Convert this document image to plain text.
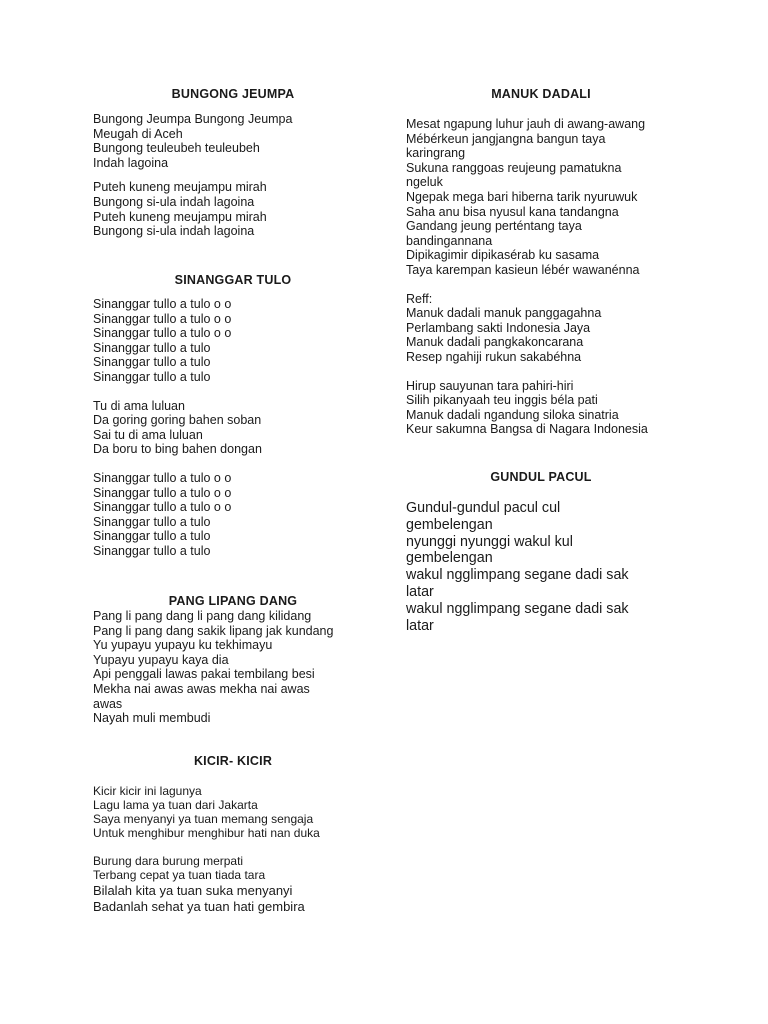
BUNGONG JEUMPA
Bungong Jeumpa Bungong Jeumpa
Meugah di Aceh
Bungong teuleubeh teuleubeh
Indah lagoina
Puteh kuneng meujampu mirah
Bungong si-ula indah lagoina
Puteh kuneng meujampu mirah
Bungong si-ula indah lagoina
SINANGGAR TULO
Sinanggar tullo a tulo o o
Sinanggar tullo a tulo o o
Sinanggar tullo a tulo o o
Sinanggar tullo a tulo
Sinanggar tullo a tulo
Sinanggar tullo a tulo
Tu di ama luluan
Da goring goring bahen soban
Sai tu di ama luluan
Da boru to bing bahen dongan
Sinanggar tullo a tulo o o
Sinanggar tullo a tulo o o
Sinanggar tullo a tulo o o
Sinanggar tullo a tulo
Sinanggar tullo a tulo
Sinanggar tullo a tulo
PANG LIPANG DANG
Pang li pang dang li pang dang kilidang
Pang li pang dang sakik lipang jak kundang
Yu yupayu yupayu ku tekhimayu
Yupayu yupayu kaya dia
Api penggali lawas pakai tembilang besi
Mekha nai awas awas mekha nai awas
awas
Nayah muli membudi
KICIR- KICIR
Kicir kicir ini lagunya
Lagu lama ya tuan dari Jakarta
Saya menyanyi ya tuan memang sengaja
Untuk menghibur menghibur hati nan duka
Burung dara burung merpati
Terbang cepat ya tuan tiada tara
Bilalah kita ya tuan suka menyanyi
Badanlah sehat ya tuan hati gembira
MANUK DADALI
Mesat ngapung luhur jauh di awang-awang
Mébérkeun jangjangna bangun taya
karingrang
Sukuna ranggoas reujeung pamatukna
ngeluk
Ngepak mega bari hiberna tarik nyuruwuk
Saha anu bisa nyusul kana tandangna
Gandang jeung perténtang taya
bandingannana
Dipikagimir dipikasérab ku sasama
Taya karempan kasieun lébér wawanénna
Reff:
Manuk dadali manuk panggagahna
Perlambang sakti Indonesia Jaya
Manuk dadali pangkakoncarana
Resep ngahiji rukun sakabéhna
Hirup sauyunan tara pahiri-hiri
Silih pikanyaah teu inggis béla pati
Manuk dadali ngandung siloka sinatria
Keur sakumna Bangsa di Nagara Indonesia
GUNDUL PACUL
Gundul-gundul pacul cul
gembelengan
nyunggi nyunggi wakul kul
gembelengan
wakul ngglimpang segane dadi sak
latar
wakul ngglimpang segane dadi sak
latar
